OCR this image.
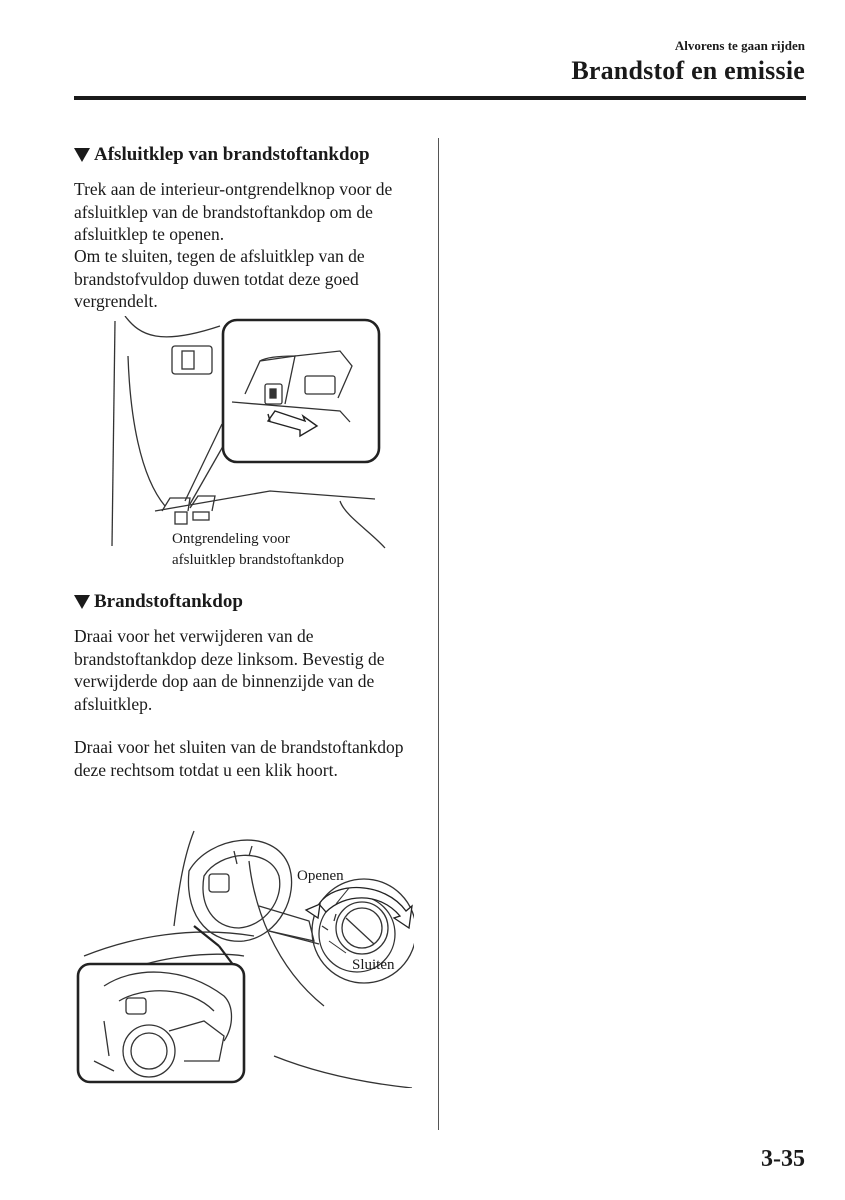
Alvorens te gaan rijden
Brandstof en emissie
Afsluitklep van brandstoftankdop

Trek aan de interieur-ontgrendelknop voor de afsluitklep van de brandstoftankdop om de afsluitklep te openen.

Om te sluiten, tegen de afsluitklep van de brandstofvuldop duwen totdat deze goed vergrendelt.

Ontgrendeling voor
afsluitklep brandstoftankdop
Brandstoftankdop

Draai voor het verwijderen van de brandstoftankdop deze linksom. Bevestig de verwijderde dop aan de binnenzijde van de afsluitklep.

Draai voor het sluiten van de brandstoftankdop deze rechtsom totdat u een klik hoort.

Openen
Sluiten
3-35
